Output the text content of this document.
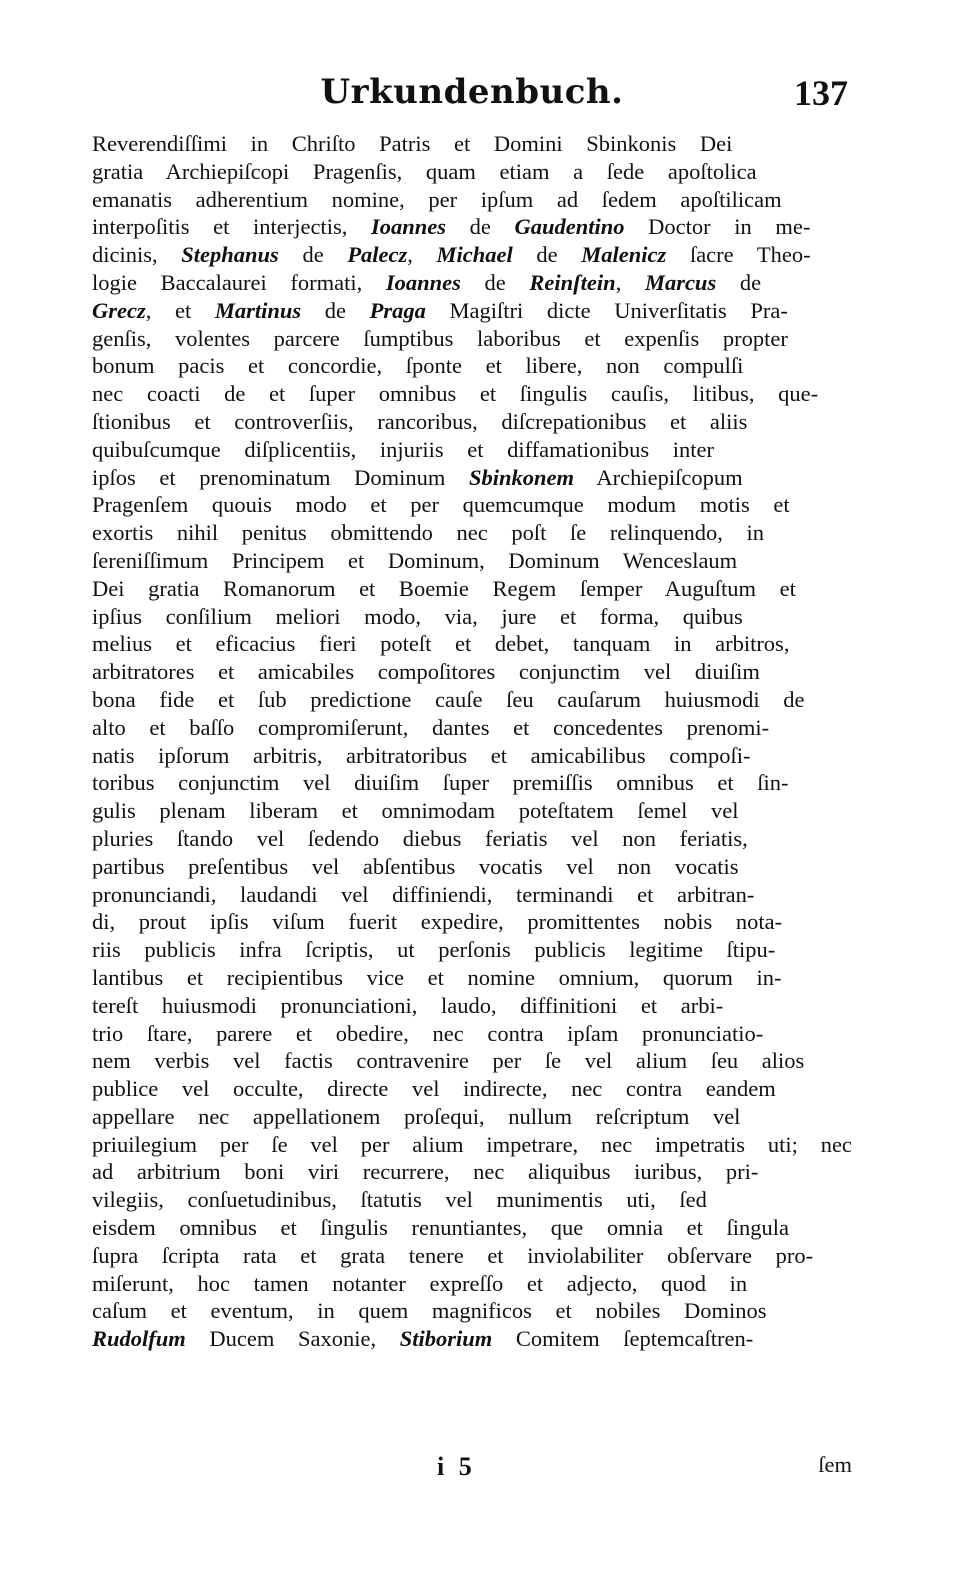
Urkundenbuch.	137
Reverendiſſimi in Chriſto Patris et Domini Sbinkonis Dei
gratia Archiepiſcopi Pragenſis, quam etiam a ſede apoſtolica
emanatis adherentium nomine, per ipſum ad ſedem apoſtilicam
interpoſitis et interjectis, Ioannes de Gaudentino Doctor in me-
dicinis, Stephanus de Palecz, Michael de Malenicz ſacre Theo-
logie Baccalaurei formati, Ioannes de Reinſtein, Marcus de
Grecz, et Martinus de Praga Magiſtri dicte Univerſitatis Pra-
genſis, volentes parcere ſumptibus laboribus et expenſis propter
bonum pacis et concordie, ſponte et libere, non compulſi
nec coacti de et ſuper omnibus et ſingulis cauſis, litibus, que-
ſtionibus et controverſiis, rancoribus, diſcrepationibus et aliis
quibuſcumque diſplicentiis, injuriis et diffamationibus inter
ipſos et prenominatum Dominum Sbinkonem Archiepiſcopum
Pragenſem quouis modo et per quemcumque modum motis et
exortis nihil penitus obmittendo nec poſt ſe relinquendo, in
ſereniſſimum Principem et Dominum, Dominum Wenceslaum
Dei gratia Romanorum et Boemie Regem ſemper Auguſtum et
ipſius conſilium meliori modo, via, jure et forma, quibus
melius et eficacius fieri poteſt et debet, tanquam in arbitros,
arbitratores et amicabiles compoſitores conjunctim vel diuiſim
bona fide et ſub predictione cauſe ſeu cauſarum huiusmodi de
alto et baſſo compromiſerunt, dantes et concedentes prenomi-
natis ipſorum arbitris, arbitratoribus et amicabilibus compoſi-
toribus conjunctim vel diuiſim ſuper premiſſis omnibus et ſin-
gulis plenam liberam et omnimodam poteſtatem ſemel vel
pluries ſtando vel ſedendo diebus feriatis vel non feriatis,
partibus preſentibus vel abſentibus vocatis vel non vocatis
pronunciandi, laudandi vel diffiniendi, terminandi et arbitran-
di, prout ipſis viſum fuerit expedire, promittentes nobis nota-
riis publicis infra ſcriptis, ut perſonis publicis legitime ſtipu-
lantibus et recipientibus vice et nomine omnium, quorum in-
tereſt huiusmodi pronunciationi, laudo, diffinitioni et arbi-
trio ſtare, parere et obedire, nec contra ipſam pronunciatio-
nem verbis vel factis contravenire per ſe vel alium ſeu alios
publice vel occulte, directe vel indirecte, nec contra eandem
appellare nec appellationem proſequi, nullum reſcriptum vel
priuilegium per ſe vel per alium impetrare, nec impetratis uti; nec
ad arbitrium boni viri recurrere, nec aliquibus iuribus, pri-
vilegiis, conſuetudinibus, ſtatutis vel munimentis uti, ſed
eisdem omnibus et ſingulis renuntiantes, que omnia et ſingula
ſupra ſcripta rata et grata tenere et inviolabiliter obſervare pro-
miſerunt, hoc tamen notanter expreſſo et adjecto, quod in
caſum et eventum, in quem magnificos et nobiles Dominos
Rudolfum Ducem Saxonie, Stiborium Comitem ſeptemcaſtren-
i 5	ſem
